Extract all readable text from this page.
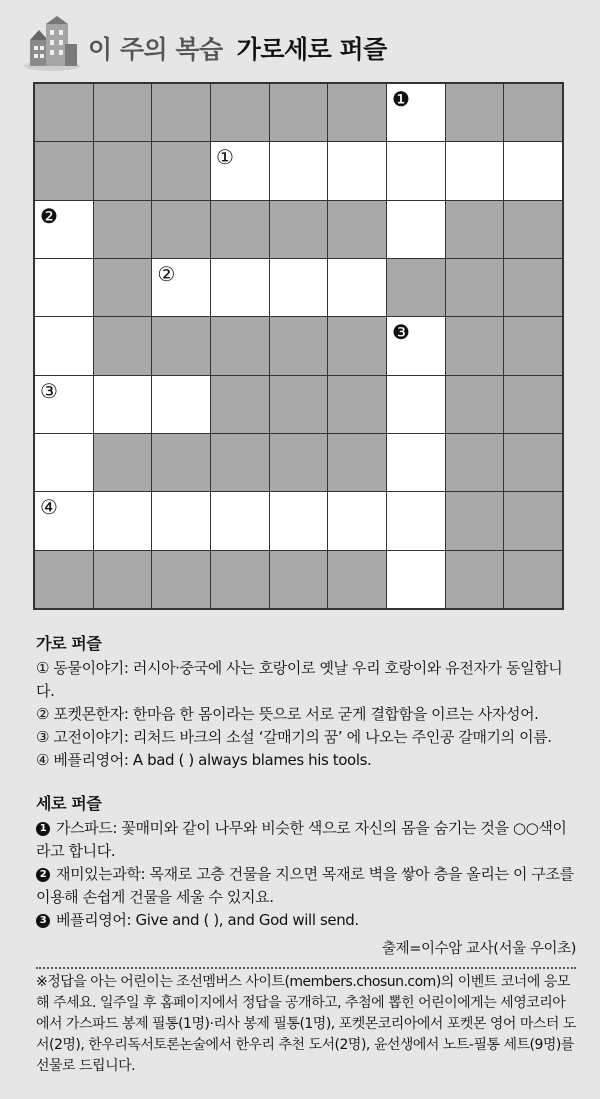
이 주의 복습 가로세로 퍼즐
❶
①
❷
②
❸
③
④
가로 퍼즐
① 동물이야기: 러시아·중국에 사는 호랑이로 옛날 우리 호랑이와 유전자가 동일합니다.
② 포켓몬한자: 한마음 한 몸이라는 뜻으로 서로 굳게 결합함을 이르는 사자성어.
③ 고전이야기: 리처드 바크의 소설 ‘갈매기의 꿈’ 에 나오는 주인공 갈매기의 이름.
④ 베플리영어: A bad ( ) always blames his tools.
세로 퍼즐
1 가스파드: 꽃매미와 같이 나무와 비슷한 색으로 자신의 몸을 숨기는 것을 ○○색이라고 합니다.
2 재미있는과학: 목재로 고층 건물을 지으면 목재로 벽을 쌓아 층을 올리는 이 구조를 이용해 손쉽게 건물을 세울 수 있지요.
3 베플리영어: Give and ( ), and God will send.
출제=이수암 교사(서울 우이초)
※정답을 아는 어린이는 조선멤버스 사이트(members.chosun.com)의 이벤트 코너에 응모해 주세요. 일주일 후 홈페이지에서 정답을 공개하고, 추첨에 뽑힌 어린이에게는 세영코리아에서 가스파드 봉제 필통(1명)·리사 봉제 필통(1명), 포켓몬코리아에서 포켓몬 영어 마스터 도서(2명), 한우리독서토론논술에서 한우리 추천 도서(2명), 윤선생에서 노트-필통 세트(9명)를 선물로 드립니다.
